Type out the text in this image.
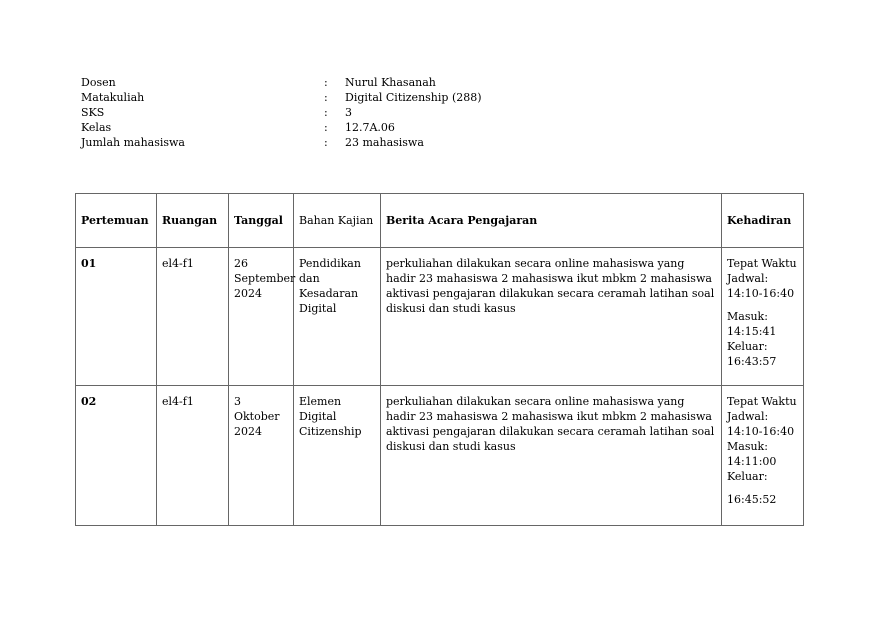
Dosen	:	Nurul Khasanah
Matakuliah	:	Digital Citizenship (288)
SKS	:	3
Kelas	:	12.7A.06
Jumlah mahasiswa	:	23 mahasiswa
Pertemuan	Ruangan	Tanggal	Bahan Kajian	Berita Acara Pengajaran	Kehadiran
01	el4-f1	26 September 2024	Pendidikan dan Kesadaran Digital	perkuliahan dilakukan secara online mahasiswa yang hadir 23 mahasiswa 2 mahasiswa ikut mbkm 2 mahasiswa aktivasi pengajaran dilakukan secara ceramah latihan soal diskusi dan studi kasus	Tepat Waktu
Jadwal: 14:10-16:40
Masuk: 14:15:41
Keluar: 16:43:57

02	el4-f1	3 Oktober 2024	Elemen Digital Citizenship	perkuliahan dilakukan secara online mahasiswa yang hadir 23 mahasiswa 2 mahasiswa ikut mbkm 2 mahasiswa aktivasi pengajaran dilakukan secara ceramah latihan soal diskusi dan studi kasus	Tepat Waktu
Jadwal: 14:10-16:40
Masuk: 14:11:00
Keluar:
16:45:52
